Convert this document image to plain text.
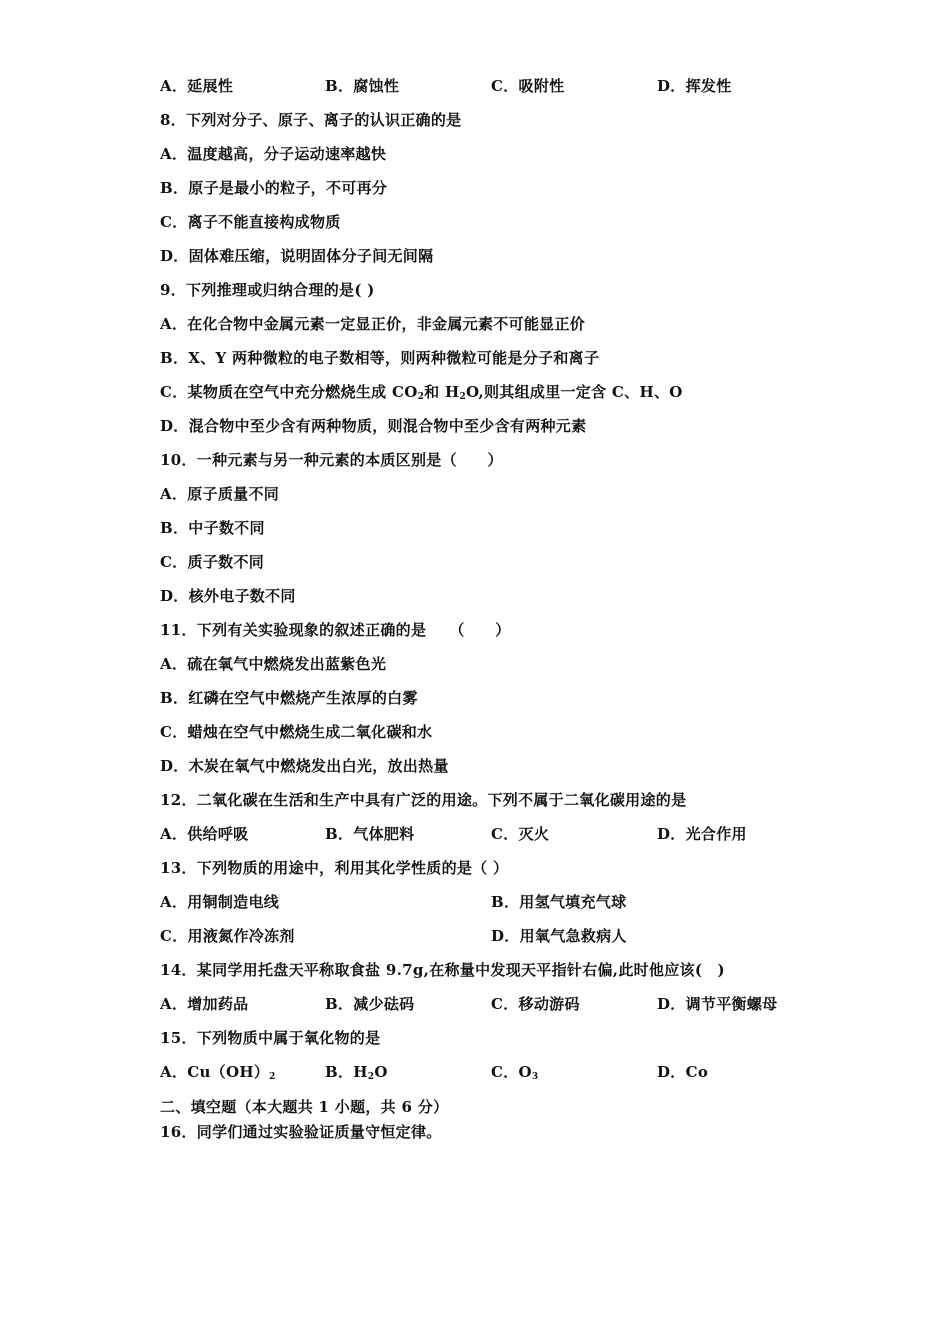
A．延展性	B．腐蚀性	C．吸附性	D．挥发性
8．下列对分子、原子、离子的认识正确的是
A．温度越高，分子运动速率越快
B．原子是最小的粒子，不可再分
C．离子不能直接构成物质
D．固体难压缩，说明固体分子间无间隔
9．下列推理或归纳合理的是( )
A．在化合物中金属元素一定显正价，非金属元素不可能显正价
B．X、Y 两种微粒的电子数相等，则两种微粒可能是分子和离子
C．某物质在空气中充分燃烧生成 $CO_2$和 $H_2O$,则其组成里一定含 C、H、O
D．混合物中至少含有两种物质，则混合物中至少含有两种元素
10．一种元素与另一种元素的本质区别是（　　）
A．原子质量不同
B．中子数不同
C．质子数不同
D．核外电子数不同
11．下列有关实验现象的叙述正确的是　　（　　）
A．硫在氧气中燃烧发出蓝紫色光
B．红磷在空气中燃烧产生浓厚的白雾
C．蜡烛在空气中燃烧生成二氧化碳和水
D．木炭在氧气中燃烧发出白光，放出热量
12．二氧化碳在生活和生产中具有广泛的用途。下列不属于二氧化碳用途的是
A．供给呼吸	B．气体肥料	C．灭火	D．光合作用
13．下列物质的用途中，利用其化学性质的是（ ）
A．用铜制造电线	B．用氢气填充气球
C．用液氮作冷冻剂	D．用氧气急救病人
14．某同学用托盘天平称取食盐 9.7g,在称量中发现天平指针右偏,此时他应该(　)
A．增加药品	B．减少砝码	C．移动游码	D．调节平衡螺母
15．下列物质中属于氧化物的是
A．$Cu(OH)_2$	B．$H_2O$	C．$O_3$	D．Co
二、填空题（本大题共 1 小题，共 6 分）
16．同学们通过实验验证质量守恒定律。
